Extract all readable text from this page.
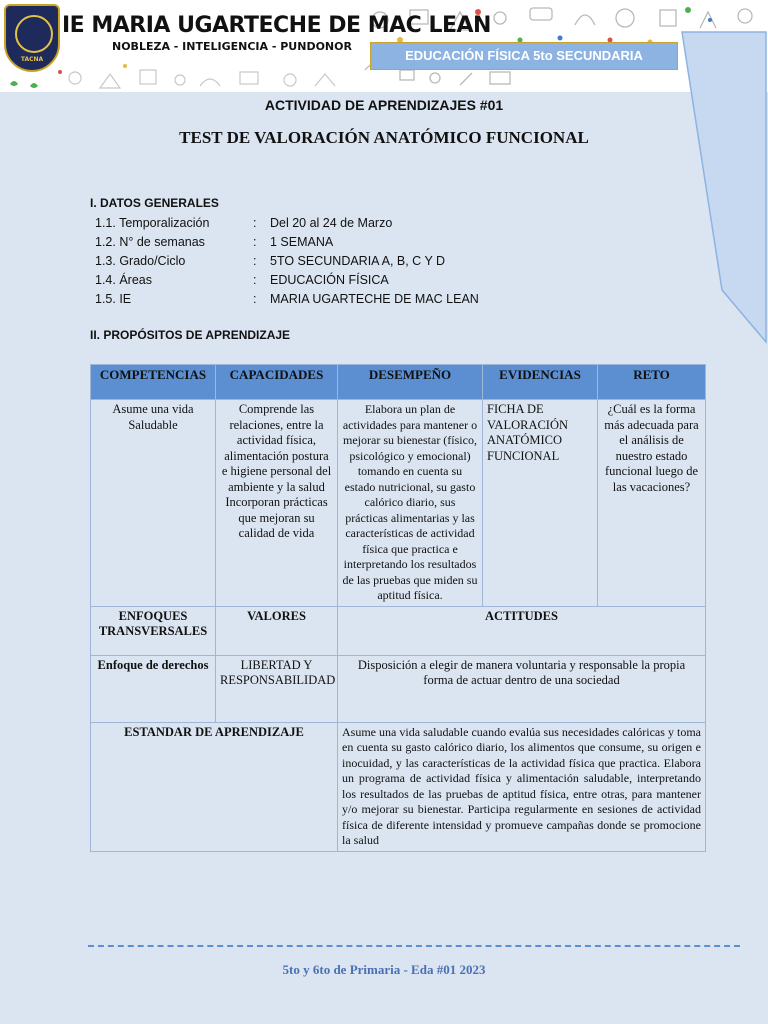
TACNA
IE MARIA UGARTECHE DE MAC LEAN
NOBLEZA - INTELIGENCIA - PUNDONOR
EDUCACIÓN FÍSICA 5to SECUNDARIA
ACTIVIDAD DE APRENDIZAJES #01
TEST DE VALORACIÓN ANATÓMICO FUNCIONAL
I. DATOS GENERALES
1.1. Temporalización	: Del 20 al 24 de Marzo
1.2. N° de semanas	: 1 SEMANA
1.3. Grado/Ciclo	: 5TO SECUNDARIA A, B, C Y D
1.4. Áreas	: EDUCACIÓN FÍSICA
1.5. IE	: MARIA UGARTECHE DE MAC LEAN
II. PROPÓSITOS DE APRENDIZAJE
COMPETENCIAS	CAPACIDADES	DESEMPEÑO	EVIDENCIAS	RETO
Asume una vida Saludable	Comprende las relaciones, entre la actividad física, alimentación postura e higiene personal del ambiente y la salud Incorporan prácticas que mejoran su calidad de vida	Elabora un plan de actividades para mantener o mejorar su bienestar (físico, psicológico y emocional) tomando en cuenta su estado nutricional, su gasto calórico diario, sus prácticas alimentarias y las características de actividad física que practica e interpretando los resultados de las pruebas que miden su aptitud física.	FICHA DE VALORACIÓN ANATÓMICO FUNCIONAL	¿Cuál es la forma más adecuada para el análisis de nuestro estado funcional luego de las vacaciones?
ENFOQUES TRANSVERSALES	VALORES	ACTITUDES		
Enfoque de derechos	LIBERTAD Y RESPONSABILIDAD	Disposición a elegir de manera voluntaria y responsable la propia forma de actuar dentro de una sociedad		
ESTANDAR DE APRENDIZAJE		Asume una vida saludable cuando evalúa sus necesidades calóricas y toma en cuenta su gasto calórico diario, los alimentos que consume, su origen e inocuidad, y las características de la actividad física que practica. Elabora un programa de actividad física y alimentación saludable, interpretando los resultados de las pruebas de aptitud física, entre otras, para mantener y/o mejorar su bienestar. Participa regularmente en sesiones de actividad física de diferente intensidad y promueve campañas donde se promocione la salud		
5to y 6to de Primaria - Eda #01 2023
